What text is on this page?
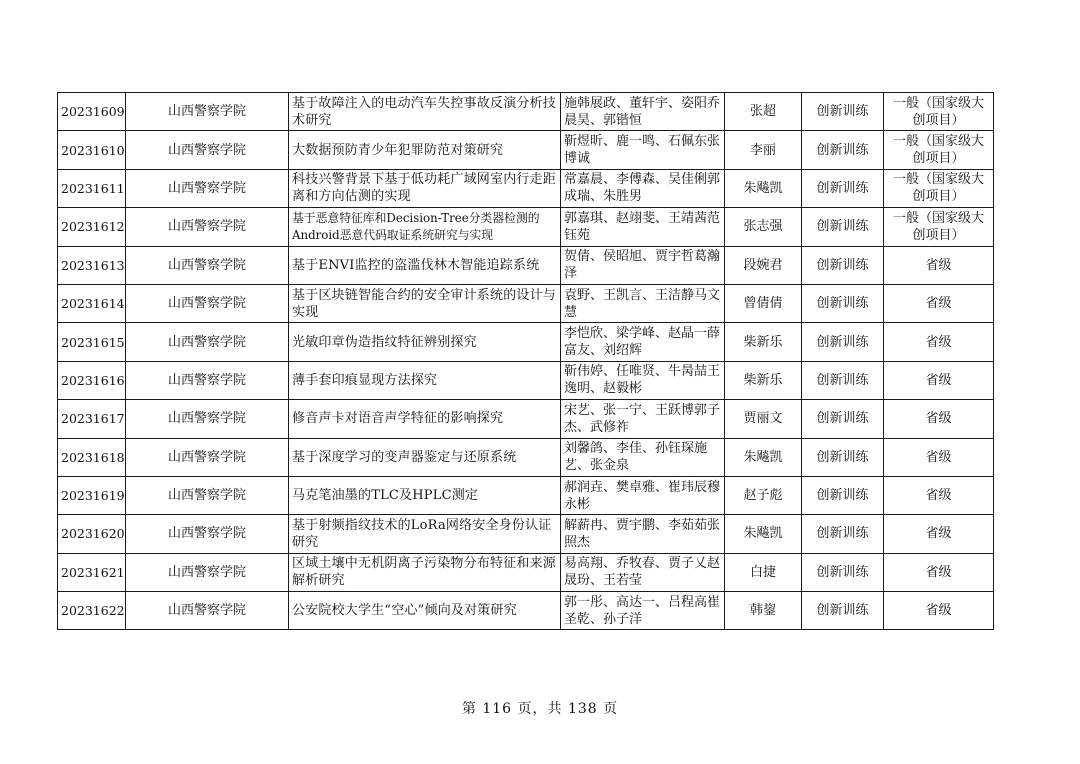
20231609	山西警察学院	基于故障注入的电动汽车失控事故反演分析技术研究	施韩展政、董轩宇、姿阳乔晨昊、郭锴恒	张超	创新训练	一般（国家级大创项目）
20231610	山西警察学院	大数据预防青少年犯罪防范对策研究	靳煜昕、鹿一鸣、石佩东张博诚	李丽	创新训练	一般（国家级大创项目）
20231611	山西警察学院	科技兴警背景下基于低功耗广域网室内行走距离和方向估测的实现	常嘉晨、李傅森、吴佳俐郭成瑞、朱胜男	朱飚凯	创新训练	一般（国家级大创项目）
20231612	山西警察学院	基于恶意特征库和Decision-Tree分类器检测的Android恶意代码取证系统研究与实现	郭嘉琪、赵翊斐、王靖茜范钰苑	张志强	创新训练	一般（国家级大创项目）
20231613	山西警察学院	基于ENVI监控的盗滥伐林木智能追踪系统	贺倩、侯昭旭、贾宇哲葛瀚泽	段婉君	创新训练	省级
20231614	山西警察学院	基于区块链智能合约的安全审计系统的设计与实现	袁野、王凯言、王洁静马文慧	曾倩倩	创新训练	省级
20231615	山西警察学院	光敏印章伪造指纹特征辨别探究	李恺欣、梁学峰、赵晶一薛富友、刘绍辉	柴新乐	创新训练	省级
20231616	山西警察学院	薄手套印痕显现方法探究	靳伟婷、任唯贤、牛昺喆王逸明、赵毅彬	柴新乐	创新训练	省级
20231617	山西警察学院	修音声卡对语音声学特征的影响探究	宋艺、张一宁、王跃博郭子杰、武修祚	贾丽文	创新训练	省级
20231618	山西警察学院	基于深度学习的变声器鉴定与还原系统	刘馨鸽、李佳、孙钰琛施艺、张金泉	朱飚凯	创新训练	省级
20231619	山西警察学院	马克笔油墨的TLC及HPLC测定	郝润垚、樊卓雅、崔玮辰穆永彬	赵子彪	创新训练	省级
20231620	山西警察学院	基于射频指纹技术的LoRa网络安全身份认证研究	解薪冉、贾宇鹏、李茹茹张照杰	朱飚凯	创新训练	省级
20231621	山西警察学院	区域土壤中无机阴离子污染物分布特征和来源解析研究	易高翔、乔牧春、贾子乂赵晟玢、王若莹	白捷	创新训练	省级
20231622	山西警察学院	公安院校大学生“空心”倾向及对策研究	郭一彤、高达一、吕程高崔圣乾、孙子洋	韩鋆	创新训练	省级
第 116 页，共 138 页
